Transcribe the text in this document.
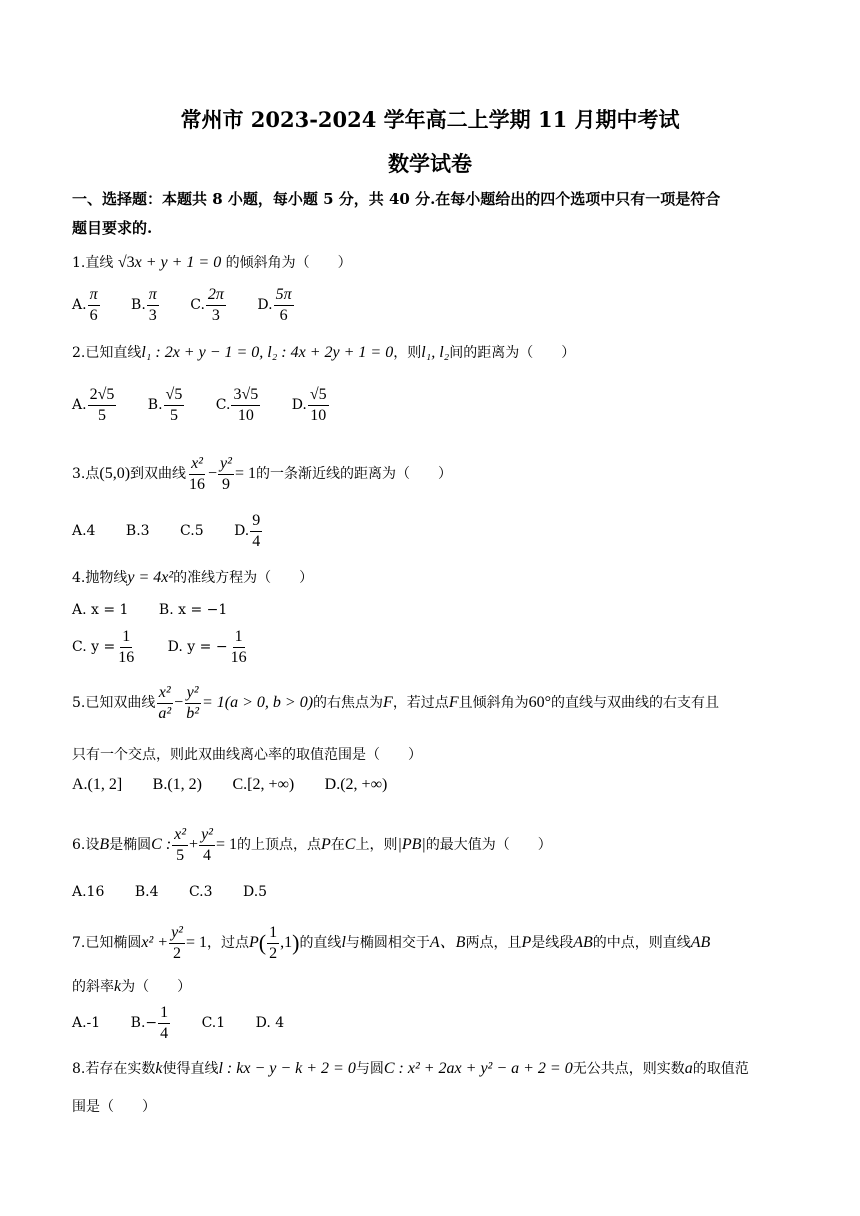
常州市 2023-2024 学年高二上学期 11 月期中考试
数学试卷
一、选择题：本题共 8 小题，每小题 5 分，共 40 分.在每小题给出的四个选项中只有一项是符合
题目要求的.
1.直线 √3x + y + 1 = 0 的倾斜角为（　　）
A. $\frac{\pi}{6} B$. $\frac{\pi}{3} C$. $\frac{2\pi}{3} D$. $\frac{5\pi}{6}$
2.已知直线l₁ : 2x + y − 1 = 0, l₂ : 4x + 2y + 1 = 0，则l₁, l₂间的距离为（　　）
A. $\frac{2√5}{5} B$. $\frac{√5}{5} C$. $\frac{3√5}{10} D$. $\frac{√5}{10}$
3.点(5,0)到双曲线 $\frac{\text{x²}}{16} - \frac{\text{y²}}{9} = 1$的一条渐近线的距离为（　　）
A.4 B.3 C.5 D. $\frac{9}{4}$
4.抛物线y = 4x²的准线方程为（　　）
A. x = 1 B. x = −1
C. $y = \frac{1}{16} D$. y = − $\frac{1}{16}$
5.已知双曲线 $\frac{\text{x²}}{\text{a²}} - \frac{\text{y²}}{\text{b²}} = 1(a > 0$, b > 0)的右焦点为F，若过点F且倾斜角为60°的直线与双曲线的右支有且
只有一个交点，则此双曲线离心率的取值范围是（　　）
A.(1, 2] B.(1, 2) C.[2, +∞) D.(2, +∞)
6.设B是椭圆C : $\frac{\text{x²}}{5} + \frac{\text{y²}}{4} = 1$的上顶点，点P在C上，则|PB|的最大值为（　　）
A.16 B.4 C.3 D.5
7.已知椭圆$x^2 + \frac{\text{y²}}{2} = 1$，过点$P( \frac{1}{2} ,1)$的直线l与椭圆相交于A、B两点，且P是线段AB的中点，则直线AB
的斜率k为（　　）
A.-1 $B.- \frac{1}{4} C.1$ D. 4
8.若存在实数k使得直线l : kx − y − k + 2 = 0与圆C : x² + 2ax + y² − a + 2 = 0无公共点，则实数a的取值范
围是（　　）
